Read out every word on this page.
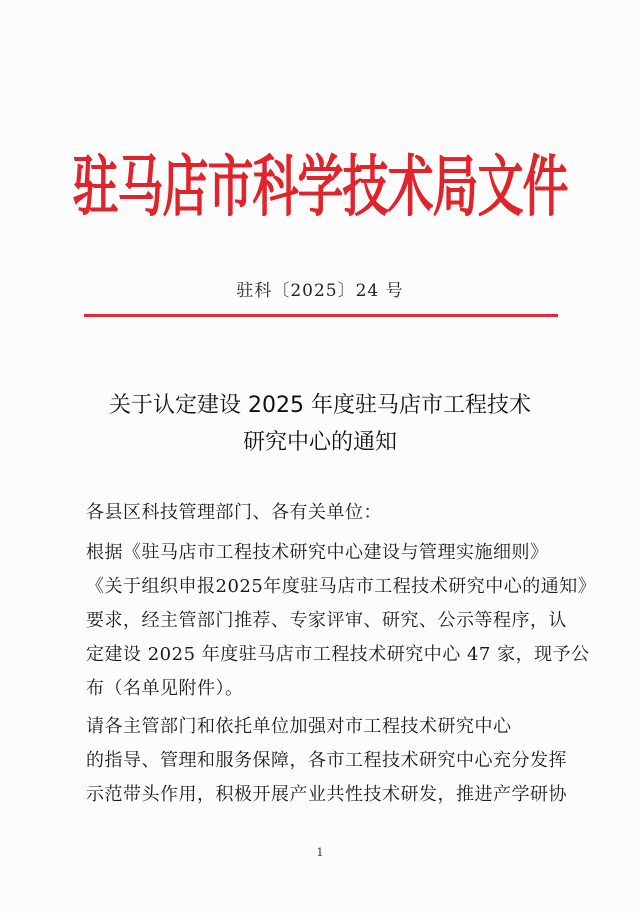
驻马店市科学技术局文件
驻科〔2025〕24 号
关于认定建设 2025 年度驻马店市工程技术
研究中心的通知
各县区科技管理部门、各有关单位：
根据《驻马店市工程技术研究中心建设与管理实施细则》
《关于组织申报2025年度驻马店市工程技术研究中心的通知》
要求，经主管部门推荐、专家评审、研究、公示等程序，认
定建设 2025 年度驻马店市工程技术研究中心 47 家，现予公
布（名单见附件）。
请各主管部门和依托单位加强对市工程技术研究中心
的指导、管理和服务保障，各市工程技术研究中心充分发挥
示范带头作用，积极开展产业共性技术研发，推进产学研协
1
